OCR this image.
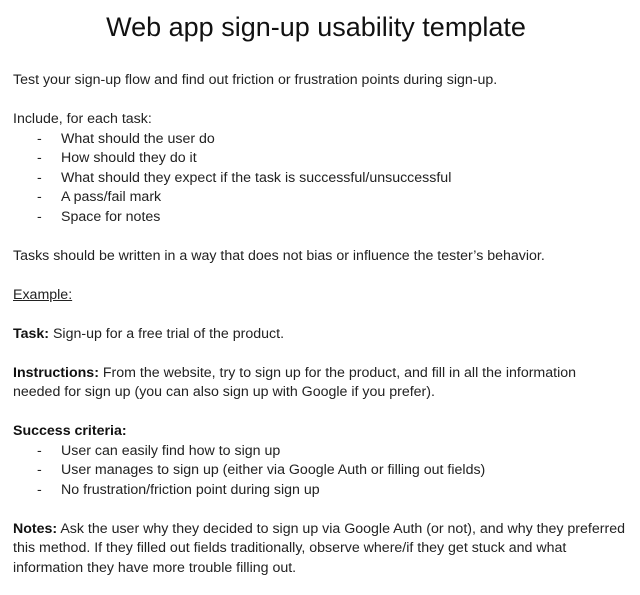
Web app sign-up usability template

Test your sign-up flow and find out friction or frustration points during sign-up.

Include, for each task:

- What should the user do
- How should they do it
- What should they expect if the task is successful/unsuccessful
- A pass/fail mark
- Space for notes

Tasks should be written in a way that does not bias or influence the tester’s behavior.

Example:

Task: Sign-up for a free trial of the product.

Instructions: From the website, try to sign up for the product, and fill in all the information needed for sign up (you can also sign up with Google if you prefer).

Success criteria:

- User can easily find how to sign up
- User manages to sign up (either via Google Auth or filling out fields)
- No frustration/friction point during sign up

Notes: Ask the user why they decided to sign up via Google Auth (or not), and why they preferred this method. If they filled out fields traditionally, observe where/if they get stuck and what information they have more trouble filling out.
